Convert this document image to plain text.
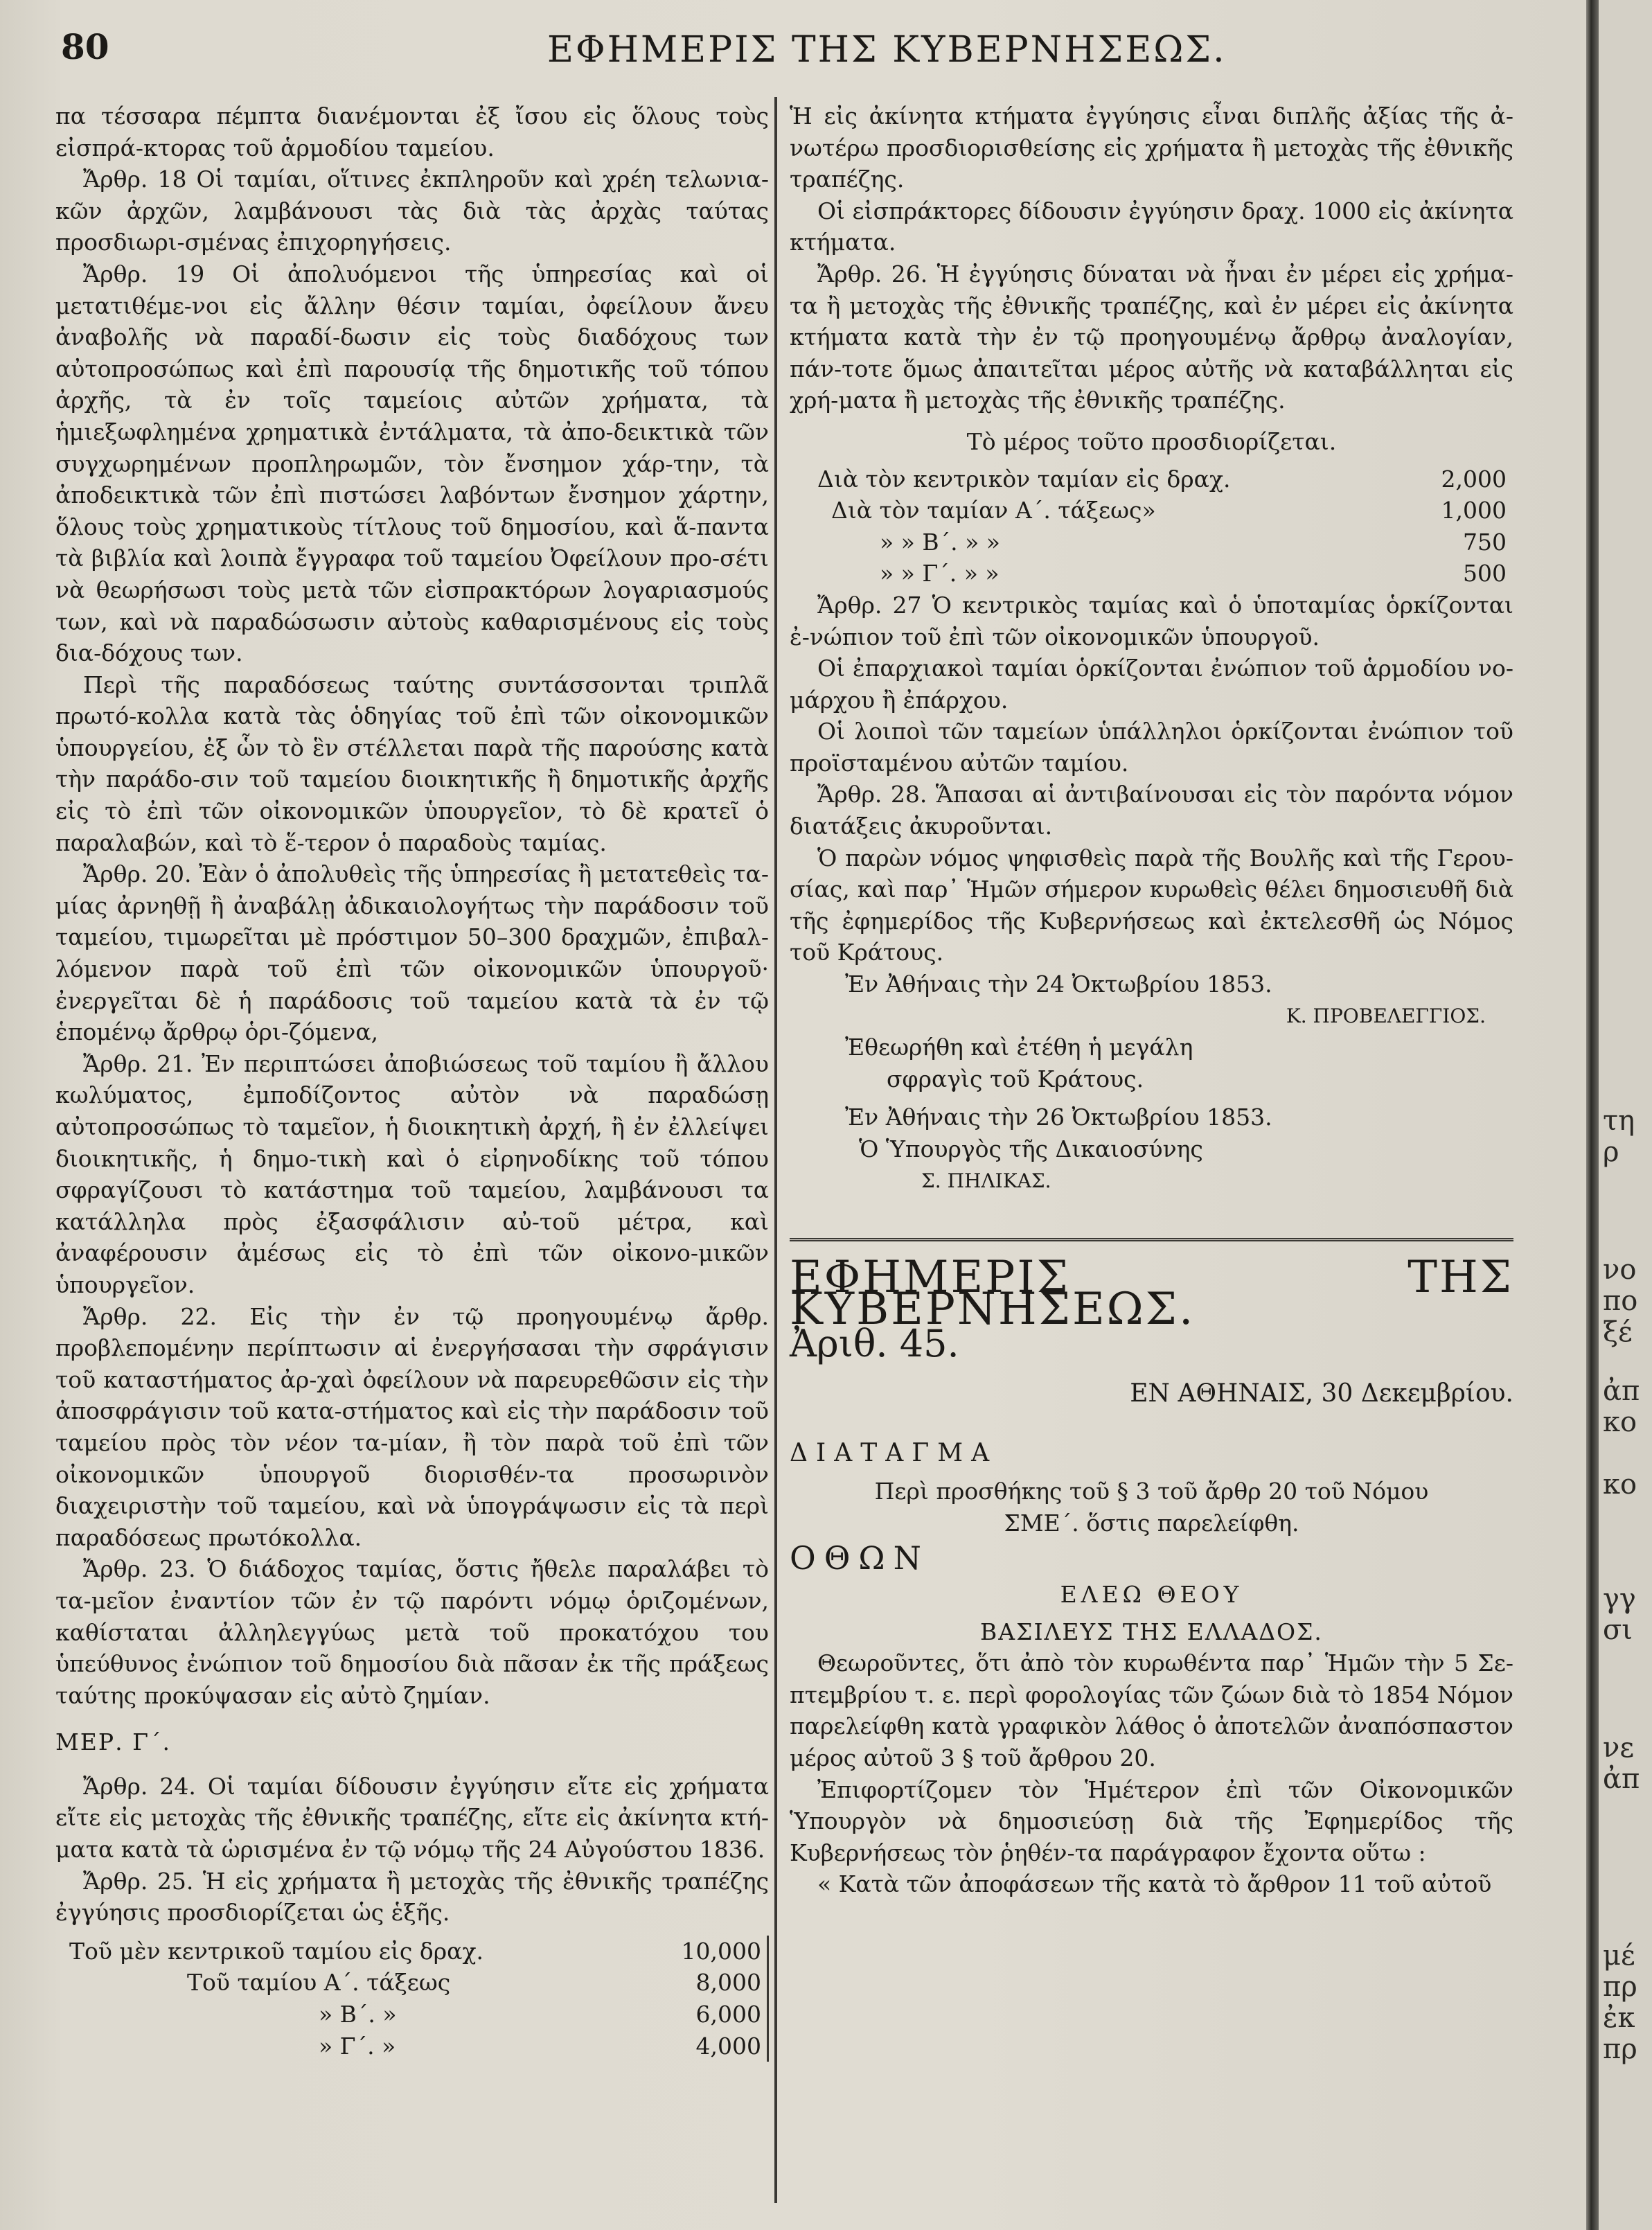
80	ΕΦΗΜΕΡΙΣ ΤΗΣ ΚΥΒΕΡΝΗΣΕΩΣ.

πα τέσσαρα πέμπτα διανέμονται ἐξ ἴσου εἰς ὅλους τοὺς εἰσπρά-κτορας τοῦ ἁρμοδίου ταμείου.

Ἄρθρ. 18 Οἱ ταμίαι, οἵτινες ἐκπληροῦν καὶ χρέη τελωνια-κῶν ἀρχῶν, λαμβάνουσι τὰς διὰ τὰς ἀρχὰς ταύτας προσδιωρι-σμένας ἐπιχορηγήσεις.

Ἄρθρ. 19 Οἱ ἀπολυόμενοι τῆς ὑπηρεσίας καὶ οἱ μετατιθέμε-νοι εἰς ἄλλην θέσιν ταμίαι, ὀφείλουν ἄνευ ἀναβολῆς νὰ παραδί-δωσιν εἰς τοὺς διαδόχους των αὐτοπροσώπως καὶ ἐπὶ παρουσίᾳ τῆς δημοτικῆς τοῦ τόπου ἀρχῆς, τὰ ἐν τοῖς ταμείοις αὐτῶν χρήματα, τὰ ἡμιεξωφλημένα χρηματικὰ ἐντάλματα, τὰ ἀπο-δεικτικὰ τῶν συγχωρημένων προπληρωμῶν, τὸν ἔνσημον χάρ-την, τὰ ἀποδεικτικὰ τῶν ἐπὶ πιστώσει λαβόντων ἔνσημον χάρτην, ὅλους τοὺς χρηματικοὺς τίτλους τοῦ δημοσίου, καὶ ἅ-παντα τὰ βιβλία καὶ λοιπὰ ἔγγραφα τοῦ ταμείου Ὀφείλουν προ-σέτι νὰ θεωρήσωσι τοὺς μετὰ τῶν εἰσπρακτόρων λογαριασμούς των, καὶ νὰ παραδώσωσιν αὐτοὺς καθαρισμένους εἰς τοὺς δια-δόχους των.

Περὶ τῆς παραδόσεως ταύτης συντάσσονται τριπλᾶ πρωτό-κολλα κατὰ τὰς ὁδηγίας τοῦ ἐπὶ τῶν οἰκονομικῶν ὑπουργείου, ἐξ ὧν τὸ ἓν στέλλεται παρὰ τῆς παρούσης κατὰ τὴν παράδο-σιν τοῦ ταμείου διοικητικῆς ἢ δημοτικῆς ἀρχῆς εἰς τὸ ἐπὶ τῶν οἰκονομικῶν ὑπουργεῖον, τὸ δὲ κρατεῖ ὁ παραλαβών, καὶ τὸ ἕ-τερον ὁ παραδοὺς ταμίας.

Ἄρθρ. 20. Ἐὰν ὁ ἀπολυθεὶς τῆς ὑπηρεσίας ἢ μετατεθεὶς τα-μίας ἀρνηθῇ ἢ ἀναβάλῃ ἀδικαιολογήτως τὴν παράδοσιν τοῦ ταμείου, τιμωρεῖται μὲ πρόστιμον 50–300 δραχμῶν, ἐπιβαλ-λόμενον παρὰ τοῦ ἐπὶ τῶν οἰκονομικῶν ὑπουργοῦ· ἐνεργεῖται δὲ ἡ παράδοσις τοῦ ταμείου κατὰ τὰ ἐν τῷ ἑπομένῳ ἄρθρῳ ὁρι-ζόμενα,

Ἄρθρ. 21. Ἐν περιπτώσει ἀποβιώσεως τοῦ ταμίου ἢ ἄλλου κωλύματος, ἐμποδίζοντος αὐτὸν νὰ παραδώσῃ αὐτοπροσώπως τὸ ταμεῖον, ἡ διοικητικὴ ἀρχή, ἢ ἐν ἐλλείψει διοικητικῆς, ἡ δημο-τικὴ καὶ ὁ εἰρηνοδίκης τοῦ τόπου σφραγίζουσι τὸ κατάστημα τοῦ ταμείου, λαμβάνουσι τα κατάλληλα πρὸς ἐξασφάλισιν αὐ-τοῦ μέτρα, καὶ ἀναφέρουσιν ἀμέσως εἰς τὸ ἐπὶ τῶν οἰκονο-μικῶν ὑπουργεῖον.

Ἄρθρ. 22. Εἰς τὴν ἐν τῷ προηγουμένῳ ἄρθρ. προβλεπομένην περίπτωσιν αἱ ἐνεργήσασαι τὴν σφράγισιν τοῦ καταστήματος ἀρ-χαὶ ὀφείλουν νὰ παρευρεθῶσιν εἰς τὴν ἀποσφράγισιν τοῦ κατα-στήματος καὶ εἰς τὴν παράδοσιν τοῦ ταμείου πρὸς τὸν νέον τα-μίαν, ἢ τὸν παρὰ τοῦ ἐπὶ τῶν οἰκονομικῶν ὑπουργοῦ διορισθέν-τα προσωρινὸν διαχειριστὴν τοῦ ταμείου, καὶ νὰ ὑπογράψωσιν εἰς τὰ περὶ παραδόσεως πρωτόκολλα.

Ἄρθρ. 23. Ὁ διάδοχος ταμίας, ὅστις ἤθελε παραλάβει τὸ τα-μεῖον ἐναντίον τῶν ἐν τῷ παρόντι νόμῳ ὁριζομένων, καθίσταται ἀλληλεγγύως μετὰ τοῦ προκατόχου του ὑπεύθυνος ἐνώπιον τοῦ δημοσίου διὰ πᾶσαν ἐκ τῆς πράξεως ταύτης προκύψασαν εἰς αὐτὸ ζημίαν.

ΜΕΡ. Γ΄.

Ἄρθρ. 24. Οἱ ταμίαι δίδουσιν ἐγγύησιν εἴτε εἰς χρήματα εἴτε εἰς μετοχὰς τῆς ἐθνικῆς τραπέζης, εἴτε εἰς ἀκίνητα κτή-ματα κατὰ τὰ ὡρισμένα ἐν τῷ νόμῳ τῆς 24 Αὐγούστου 1836.

Ἄρθρ. 25. Ἡ εἰς χρήματα ἢ μετοχὰς τῆς ἐθνικῆς τραπέζης ἐγγύησις προσδιορίζεται ὡς ἑξῆς.

Τοῦ μὲν κεντρικοῦ ταμίου εἰς δραχ.	10,000
Τοῦ ταμίου Α΄. τάξεως	8,000
» Β΄. »	6,000
» Γ΄. »	4,000

Ἡ εἰς ἀκίνητα κτήματα ἐγγύησις εἶναι διπλῆς ἀξίας τῆς ἀ-νωτέρω προσδιορισθείσης εἰς χρήματα ἢ μετοχὰς τῆς ἐθνικῆς τραπέζης.

Οἱ εἰσπράκτορες δίδουσιν ἐγγύησιν δραχ. 1000 εἰς ἀκίνητα κτήματα.

Ἄρθρ. 26. Ἡ ἐγγύησις δύναται νὰ ἦναι ἐν μέρει εἰς χρήμα-τα ἢ μετοχὰς τῆς ἐθνικῆς τραπέζης, καὶ ἐν μέρει εἰς ἀκίνητα κτήματα κατὰ τὴν ἐν τῷ προηγουμένῳ ἄρθρῳ ἀναλογίαν, πάν-τοτε ὅμως ἀπαιτεῖται μέρος αὐτῆς νὰ καταβάλληται εἰς χρή-ματα ἢ μετοχὰς τῆς ἐθνικῆς τραπέζης.

Τὸ μέρος τοῦτο προσδιορίζεται.

Διὰ τὸν κεντρικὸν ταμίαν εἰς δραχ.	2,000
Διὰ τὸν ταμίαν Α΄. τάξεως»	1,000
» » Β΄. » »	750
» » Γ΄. » »	500

Ἄρθρ. 27 Ὁ κεντρικὸς ταμίας καὶ ὁ ὑποταμίας ὁρκίζονται ἐ-νώπιον τοῦ ἐπὶ τῶν οἰκονομικῶν ὑπουργοῦ.

Οἱ ἐπαρχιακοὶ ταμίαι ὁρκίζονται ἐνώπιον τοῦ ἁρμοδίου νο-μάρχου ἢ ἐπάρχου.

Οἱ λοιποὶ τῶν ταμείων ὑπάλληλοι ὁρκίζονται ἐνώπιον τοῦ προϊσταμένου αὐτῶν ταμίου.

Ἄρθρ. 28. Ἅπασαι αἱ ἀντιβαίνουσαι εἰς τὸν παρόντα νόμον διατάξεις ἀκυροῦνται.

Ὁ παρὼν νόμος ψηφισθεὶς παρὰ τῆς Βουλῆς καὶ τῆς Γερου-σίας, καὶ παρ᾽ Ἡμῶν σήμερον κυρωθεὶς θέλει δημοσιευθῆ διὰ τῆς ἐφημερίδος τῆς Κυβερνήσεως καὶ ἐκτελεσθῆ ὡς Νόμος τοῦ Κράτους.

Ἐν Ἀθήναις τὴν 24 Ὀκτωβρίου 1853.

Κ. ΠΡΟΒΕΛΕΓΓΙΟΣ.

Ἐθεωρήθη καὶ ἐτέθη ἡ μεγάλη

σφραγὶς τοῦ Κράτους.

Ἐν Ἀθήναις τὴν 26 Ὀκτωβρίου 1853.

Ὁ Ὑπουργὸς τῆς Δικαιοσύνης

Σ. ΠΗΛΙΚΑΣ.

ΕΦΗΜΕΡΙΣ ΤΗΣ ΚΥΒΕΡΝΗΣΕΩΣ.

Ἀριθ. 45.

ΕΝ ΑΘΗΝΑΙΣ, 30 Δεκεμβρίου.

ΔΙΑΤΑΓΜΑ

Περὶ προσθήκης τοῦ § 3 τοῦ ἄρθρ 20 τοῦ Νόμου

ΣΜΕ΄. ὅστις παρελείφθη.

ΟΘΩΝ

ΕΛΕΩ ΘΕΟΥ

ΒΑΣΙΛΕΥΣ ΤΗΣ ΕΛΛΑΔΟΣ.

Θεωροῦντες, ὅτι ἀπὸ τὸν κυρωθέντα παρ᾽ Ἡμῶν τὴν 5 Σε-πτεμβρίου τ. ε. περὶ φορολογίας τῶν ζώων διὰ τὸ 1854 Νόμον παρελείφθη κατὰ γραφικὸν λάθος ὁ ἀποτελῶν ἀναπόσπαστον μέρος αὐτοῦ 3 § τοῦ ἄρθρου 20.

Ἐπιφορτίζομεν τὸν Ἡμέτερον ἐπὶ τῶν Οἰκονομικῶν Ὑπουργὸν νὰ δημοσιεύσῃ διὰ τῆς Ἐφημερίδος τῆς Κυβερνήσεως τὸν ῥηθέν-τα παράγραφον ἔχοντα οὕτω :

« Κατὰ τῶν ἀποφάσεων τῆς κατὰ τὸ ἄρθρον 11 τοῦ αὐτοῦ

τη
ρ
νο
πο
ξέ
ἀπ
κο
κο
γγ
σι
νε
ἀπ
μέ
πρ
ἐκ
πρ
